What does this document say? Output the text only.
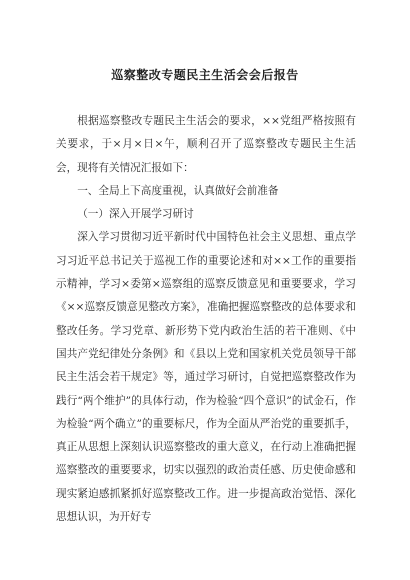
巡察整改专题民主生活会会后报告

根据巡察整改专题民主生活会的要求，××党组严格按照有关要求，于×月×日×午，顺利召开了巡察整改专题民主生活会，现将有关情况汇报如下：

一、全局上下高度重视，认真做好会前准备

（一）深入开展学习研讨

深入学习贯彻习近平新时代中国特色社会主义思想、重点学习习近平总书记关于巡视工作的重要论述和对××工作的重要指示精神，学习×委第×巡察组的巡察反馈意见和重要要求，学习《××巡察反馈意见整改方案》，准确把握巡察整改的总体要求和整改任务。学习党章、新形势下党内政治生活的若干准则、《中国共产党纪律处分条例》和《县以上党和国家机关党员领导干部民主生活会若干规定》等，通过学习研讨，自觉把巡察整改作为践行“两个维护”的具体行动，作为检验“四个意识”的试金石，作为检验“两个确立”的重要标尺，作为全面从严治党的重要抓手，真正从思想上深刻认识巡察整改的重大意义，在行动上准确把握巡察整改的重要要求，切实以强烈的政治责任感、历史使命感和现实紧迫感抓紧抓好巡察整改工作。进一步提高政治觉悟、深化思想认识，为开好专
